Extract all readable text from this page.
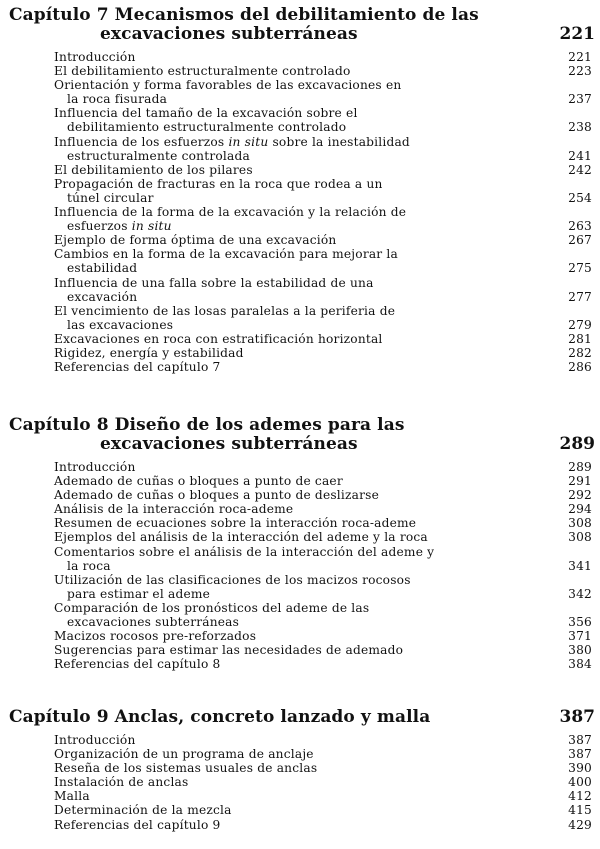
Capítulo 7 Mecanismos del debilitamiento de las
excavaciones subterráneas	221
Introducción	221
El debilitamiento estructuralmente controlado	223
Orientación y forma favorables de las excavaciones en
la roca fisurada	237
Influencia del tamaño de la excavación sobre el
debilitamiento estructuralmente controlado	238
Influencia de los esfuerzos in situ sobre la inestabilidad
estructuralmente controlada	241
El debilitamiento de los pilares	242
Propagación de fracturas en la roca que rodea a un
túnel circular	254
Influencia de la forma de la excavación y la relación de
esfuerzos in situ	263
Ejemplo de forma óptima de una excavación	267
Cambios en la forma de la excavación para mejorar la
estabilidad	275
Influencia de una falla sobre la estabilidad de una
excavación	277
El vencimiento de las losas paralelas a la periferia de
las excavaciones	279
Excavaciones en roca con estratificación horizontal	281
Rigidez, energía y estabilidad	282
Referencias del capítulo 7	286
Capítulo 8 Diseño de los ademes para las
excavaciones subterráneas	289
Introducción	289
Ademado de cuñas o bloques a punto de caer	291
Ademado de cuñas o bloques a punto de deslizarse	292
Análisis de la interacción roca-ademe	294
Resumen de ecuaciones sobre la interacción roca-ademe	308
Ejemplos del análisis de la interacción del ademe y la roca	308
Comentarios sobre el análisis de la interacción del ademe y
la roca	341
Utilización de las clasificaciones de los macizos rocosos
para estimar el ademe	342
Comparación de los pronósticos del ademe de las
excavaciones subterráneas	356
Macizos rocosos pre-reforzados	371
Sugerencias para estimar las necesidades de ademado	380
Referencias del capítulo 8	384
Capítulo 9 Anclas, concreto lanzado y malla	387
Introducción	387
Organización de un programa de anclaje	387
Reseña de los sistemas usuales de anclas	390
Instalación de anclas	400
Malla	412
Determinación de la mezcla	415
Referencias del capítulo 9	429
